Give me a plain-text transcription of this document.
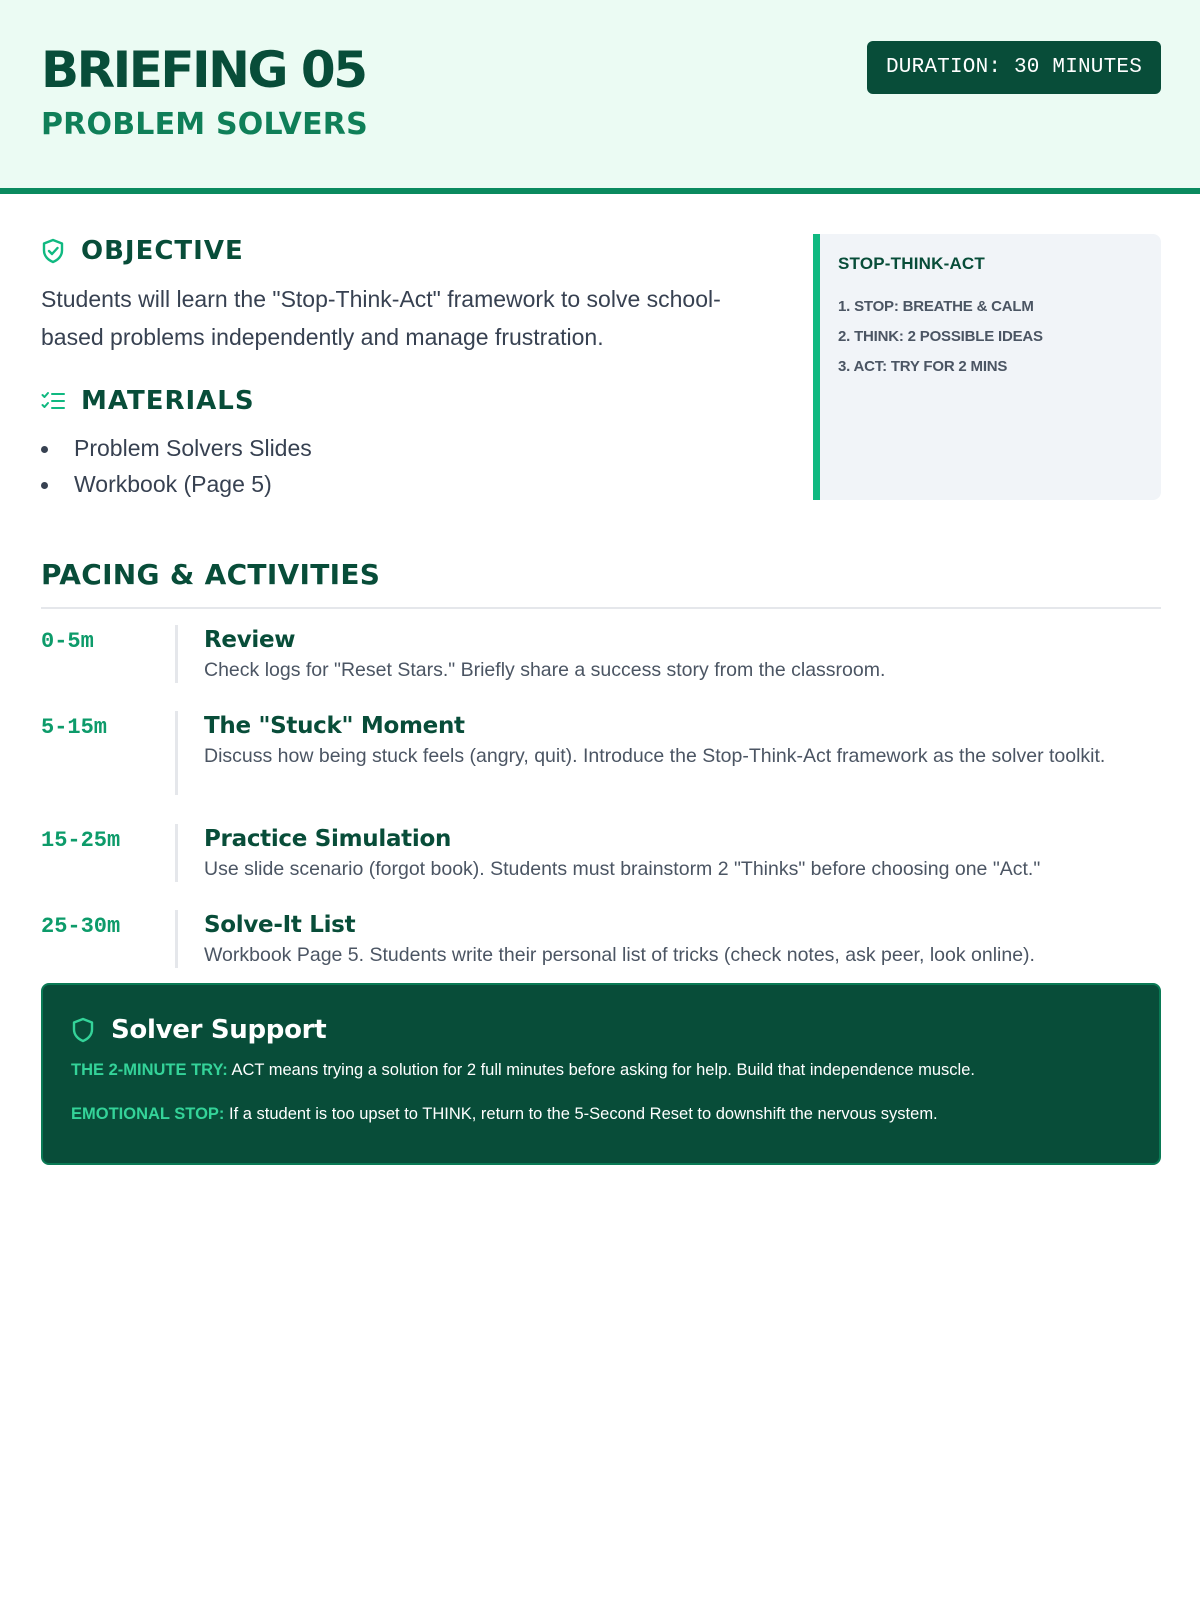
BRIEFING 05
PROBLEM SOLVERS
DURATION: 30 MINUTES
OBJECTIVE
Students will learn the "Stop-Think-Act" framework to solve school-based problems independently and manage frustration.
MATERIALS
Problem Solvers Slides
Workbook (Page 5)
STOP-THINK-ACT
1. STOP: BREATHE & CALM
2. THINK: 2 POSSIBLE IDEAS
3. ACT: TRY FOR 2 MINS
PACING & ACTIVITIES
0-5m	Review
Check logs for "Reset Stars." Briefly share a success story from the classroom.
5-15m	The "Stuck" Moment
Discuss how being stuck feels (angry, quit). Introduce the Stop-Think-Act framework as the solver toolkit.
15-25m	Practice Simulation
Use slide scenario (forgot book). Students must brainstorm 2 "Thinks" before choosing one "Act."
25-30m	Solve-It List
Workbook Page 5. Students write their personal list of tricks (check notes, ask peer, look online).
Solver Support
THE 2-MINUTE TRY: ACT means trying a solution for 2 full minutes before asking for help. Build that independence muscle.
EMOTIONAL STOP: If a student is too upset to THINK, return to the 5-Second Reset to downshift the nervous system.
